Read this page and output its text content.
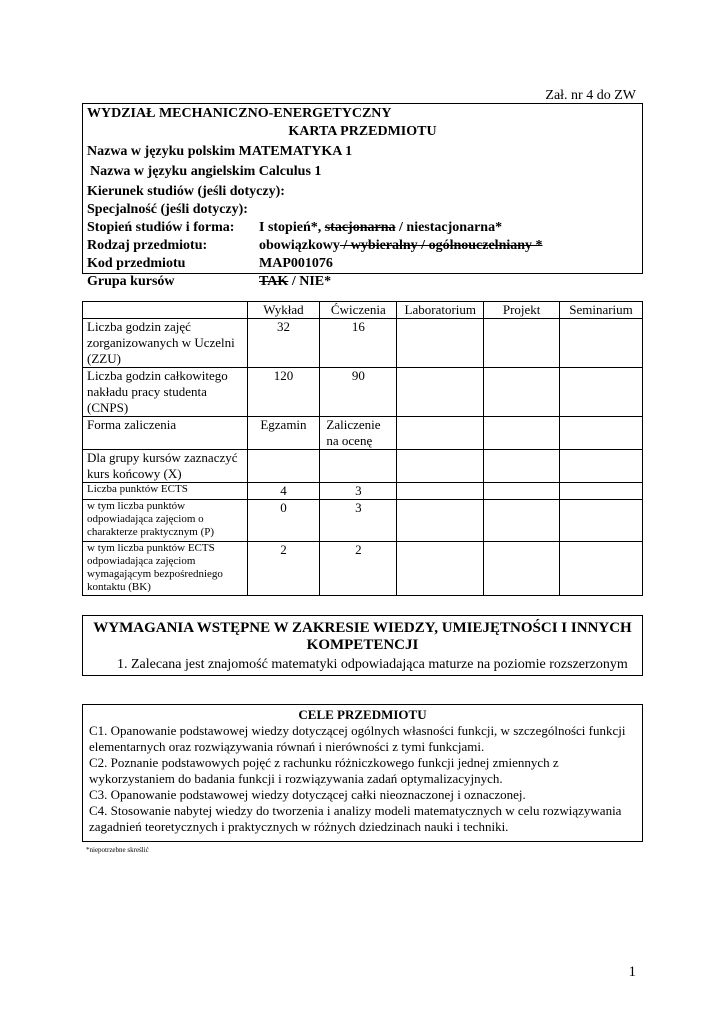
Zał. nr 4 do ZW
WYDZIAŁ MECHANICZNO-ENERGETYCZNY
KARTA PRZEDMIOTU
Nazwa w języku polskim MATEMATYKA 1
Nazwa w języku angielskim Calculus 1
Kierunek studiów (jeśli dotyczy):
Specjalność (jeśli dotyczy):
Stopień studiów i forma:	I stopień*, stacjonarna / niestacjonarna*
Rodzaj przedmiotu:	obowiązkowy / wybieralny / ogólnouczelniany *
Kod przedmiotu	MAP001076
Grupa kursów	TAK / NIE*
	Wykład	Ćwiczenia	Laboratorium	Projekt	Seminarium
Liczba godzin zajęć zorganizowanych w Uczelni (ZZU)	32	16			
Liczba godzin całkowitego nakładu pracy studenta (CNPS)	120	90			
Forma zaliczenia	Egzamin	Zaliczenie na ocenę			
Dla grupy kursów zaznaczyć kurs końcowy (X)					
Liczba punktów ECTS	4	3			
w tym liczba punktów odpowiadająca zajęciom o charakterze praktycznym (P)	0	3			
w tym liczba punktów ECTS odpowiadająca zajęciom wymagającym bezpośredniego kontaktu (BK)	2	2			
WYMAGANIA WSTĘPNE W ZAKRESIE WIEDZY, UMIEJĘTNOŚCI I INNYCH KOMPETENCJI
1. Zalecana jest znajomość matematyki odpowiadająca maturze na poziomie rozszerzonym
CELE PRZEDMIOTU
C1. Opanowanie podstawowej wiedzy dotyczącej ogólnych własności funkcji, w szczególności funkcji elementarnych oraz rozwiązywania równań i nierówności z tymi funkcjami.
C2. Poznanie podstawowych pojęć z rachunku różniczkowego funkcji jednej zmiennych z wykorzystaniem do badania funkcji i rozwiązywania zadań optymalizacyjnych.
C3. Opanowanie podstawowej wiedzy dotyczącej całki nieoznaczonej i oznaczonej.
C4. Stosowanie nabytej wiedzy do tworzenia i analizy modeli matematycznych w celu rozwiązywania zagadnień teoretycznych i praktycznych w różnych dziedzinach nauki i techniki.
*niepotrzebne skreślić
1
